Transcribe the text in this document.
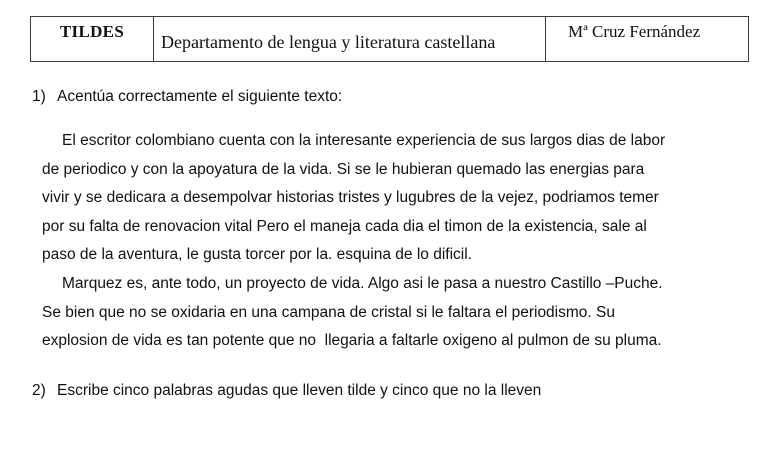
TILDES	Departamento de lengua y literatura castellana	Mª Cruz Fernández
1) Acentúa correctamente el siguiente texto:
El escritor colombiano cuenta con la interesante experiencia de sus largos dias de labor
de periodico y con la apoyatura de la vida. Si se le hubieran quemado las energias para
vivir y se dedicara a desempolvar historias tristes y lugubres de la vejez, podriamos temer
por su falta de renovacion vital Pero el maneja cada dia el timon de la existencia, sale al
paso de la aventura, le gusta torcer por la. esquina de lo dificil.
Marquez es, ante todo, un proyecto de vida. Algo asi le pasa a nuestro Castillo –Puche.
Se bien que no se oxidaria en una campana de cristal si le faltara el periodismo. Su
explosion de vida es tan potente que no  llegaria a faltarle oxigeno al pulmon de su pluma.
2) Escribe cinco palabras agudas que lleven tilde y cinco que no la lleven
